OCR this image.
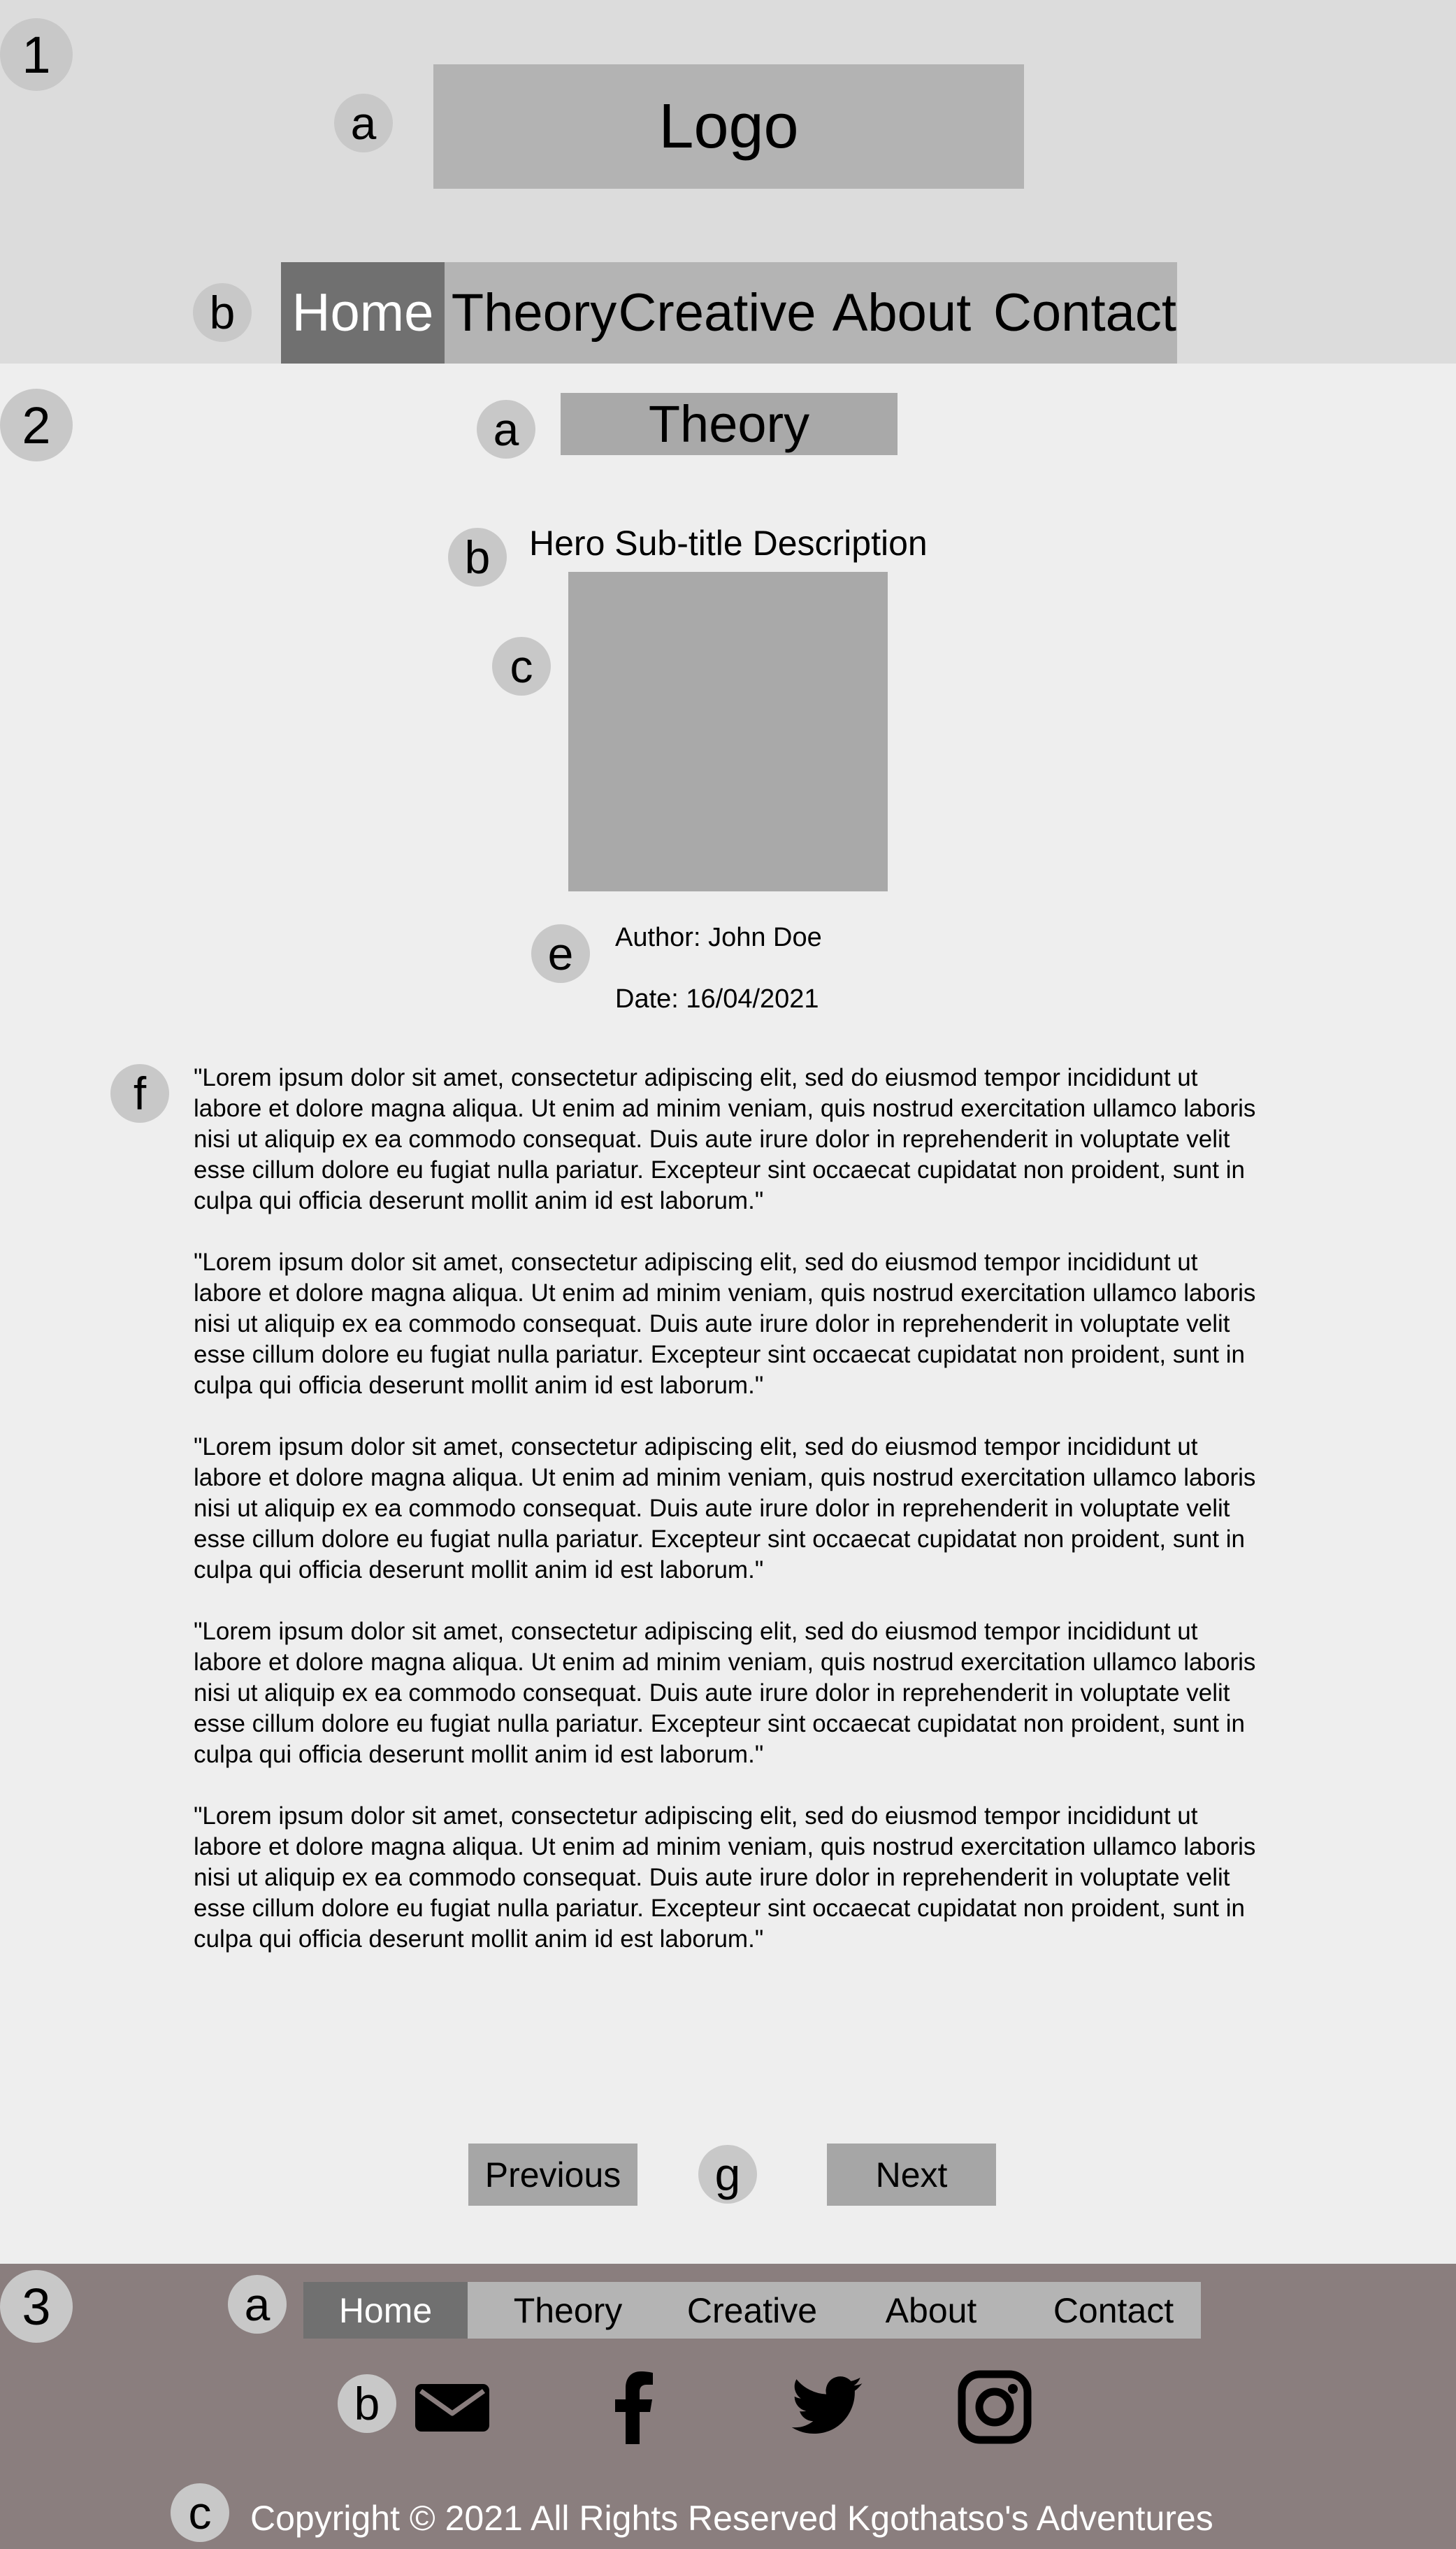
1
a	Logo
b	Home Theory Creative About Contact
2	a	Theory
b	Hero Sub-title Description
c
e	Author: John Doe
Date: 16/04/2021
f	"Lorem ipsum dolor sit amet, consectetur adipiscing elit, sed do eiusmod tempor incididunt ut labore et dolore magna aliqua. Ut enim ad minim veniam, quis nostrud exercitation ullamco laboris nisi ut aliquip ex ea commodo consequat. Duis aute irure dolor in reprehenderit in voluptate velit esse cillum dolore eu fugiat nulla pariatur. Excepteur sint occaecat cupidatat non proident, sunt in culpa qui officia deserunt mollit anim id est laborum."

"Lorem ipsum dolor sit amet, consectetur adipiscing elit, sed do eiusmod tempor incididunt ut labore et dolore magna aliqua. Ut enim ad minim veniam, quis nostrud exercitation ullamco laboris nisi ut aliquip ex ea commodo consequat. Duis aute irure dolor in reprehenderit in voluptate velit esse cillum dolore eu fugiat nulla pariatur. Excepteur sint occaecat cupidatat non proident, sunt in culpa qui officia deserunt mollit anim id est laborum."

"Lorem ipsum dolor sit amet, consectetur adipiscing elit, sed do eiusmod tempor incididunt ut labore et dolore magna aliqua. Ut enim ad minim veniam, quis nostrud exercitation ullamco laboris nisi ut aliquip ex ea commodo consequat. Duis aute irure dolor in reprehenderit in voluptate velit esse cillum dolore eu fugiat nulla pariatur. Excepteur sint occaecat cupidatat non proident, sunt in culpa qui officia deserunt mollit anim id est laborum."

"Lorem ipsum dolor sit amet, consectetur adipiscing elit, sed do eiusmod tempor incididunt ut labore et dolore magna aliqua. Ut enim ad minim veniam, quis nostrud exercitation ullamco laboris nisi ut aliquip ex ea commodo consequat. Duis aute irure dolor in reprehenderit in voluptate velit esse cillum dolore eu fugiat nulla pariatur. Excepteur sint occaecat cupidatat non proident, sunt in culpa qui officia deserunt mollit anim id est laborum."

"Lorem ipsum dolor sit amet, consectetur adipiscing elit, sed do eiusmod tempor incididunt ut labore et dolore magna aliqua. Ut enim ad minim veniam, quis nostrud exercitation ullamco laboris nisi ut aliquip ex ea commodo consequat. Duis aute irure dolor in reprehenderit in voluptate velit esse cillum dolore eu fugiat nulla pariatur. Excepteur sint occaecat cupidatat non proident, sunt in culpa qui officia deserunt mollit anim id est laborum."

Previous	g	Next
3	a	Home	Theory	Creative	About	Contact
b
c	Copyright © 2021 All Rights Reserved Kgothatso's Adventures
